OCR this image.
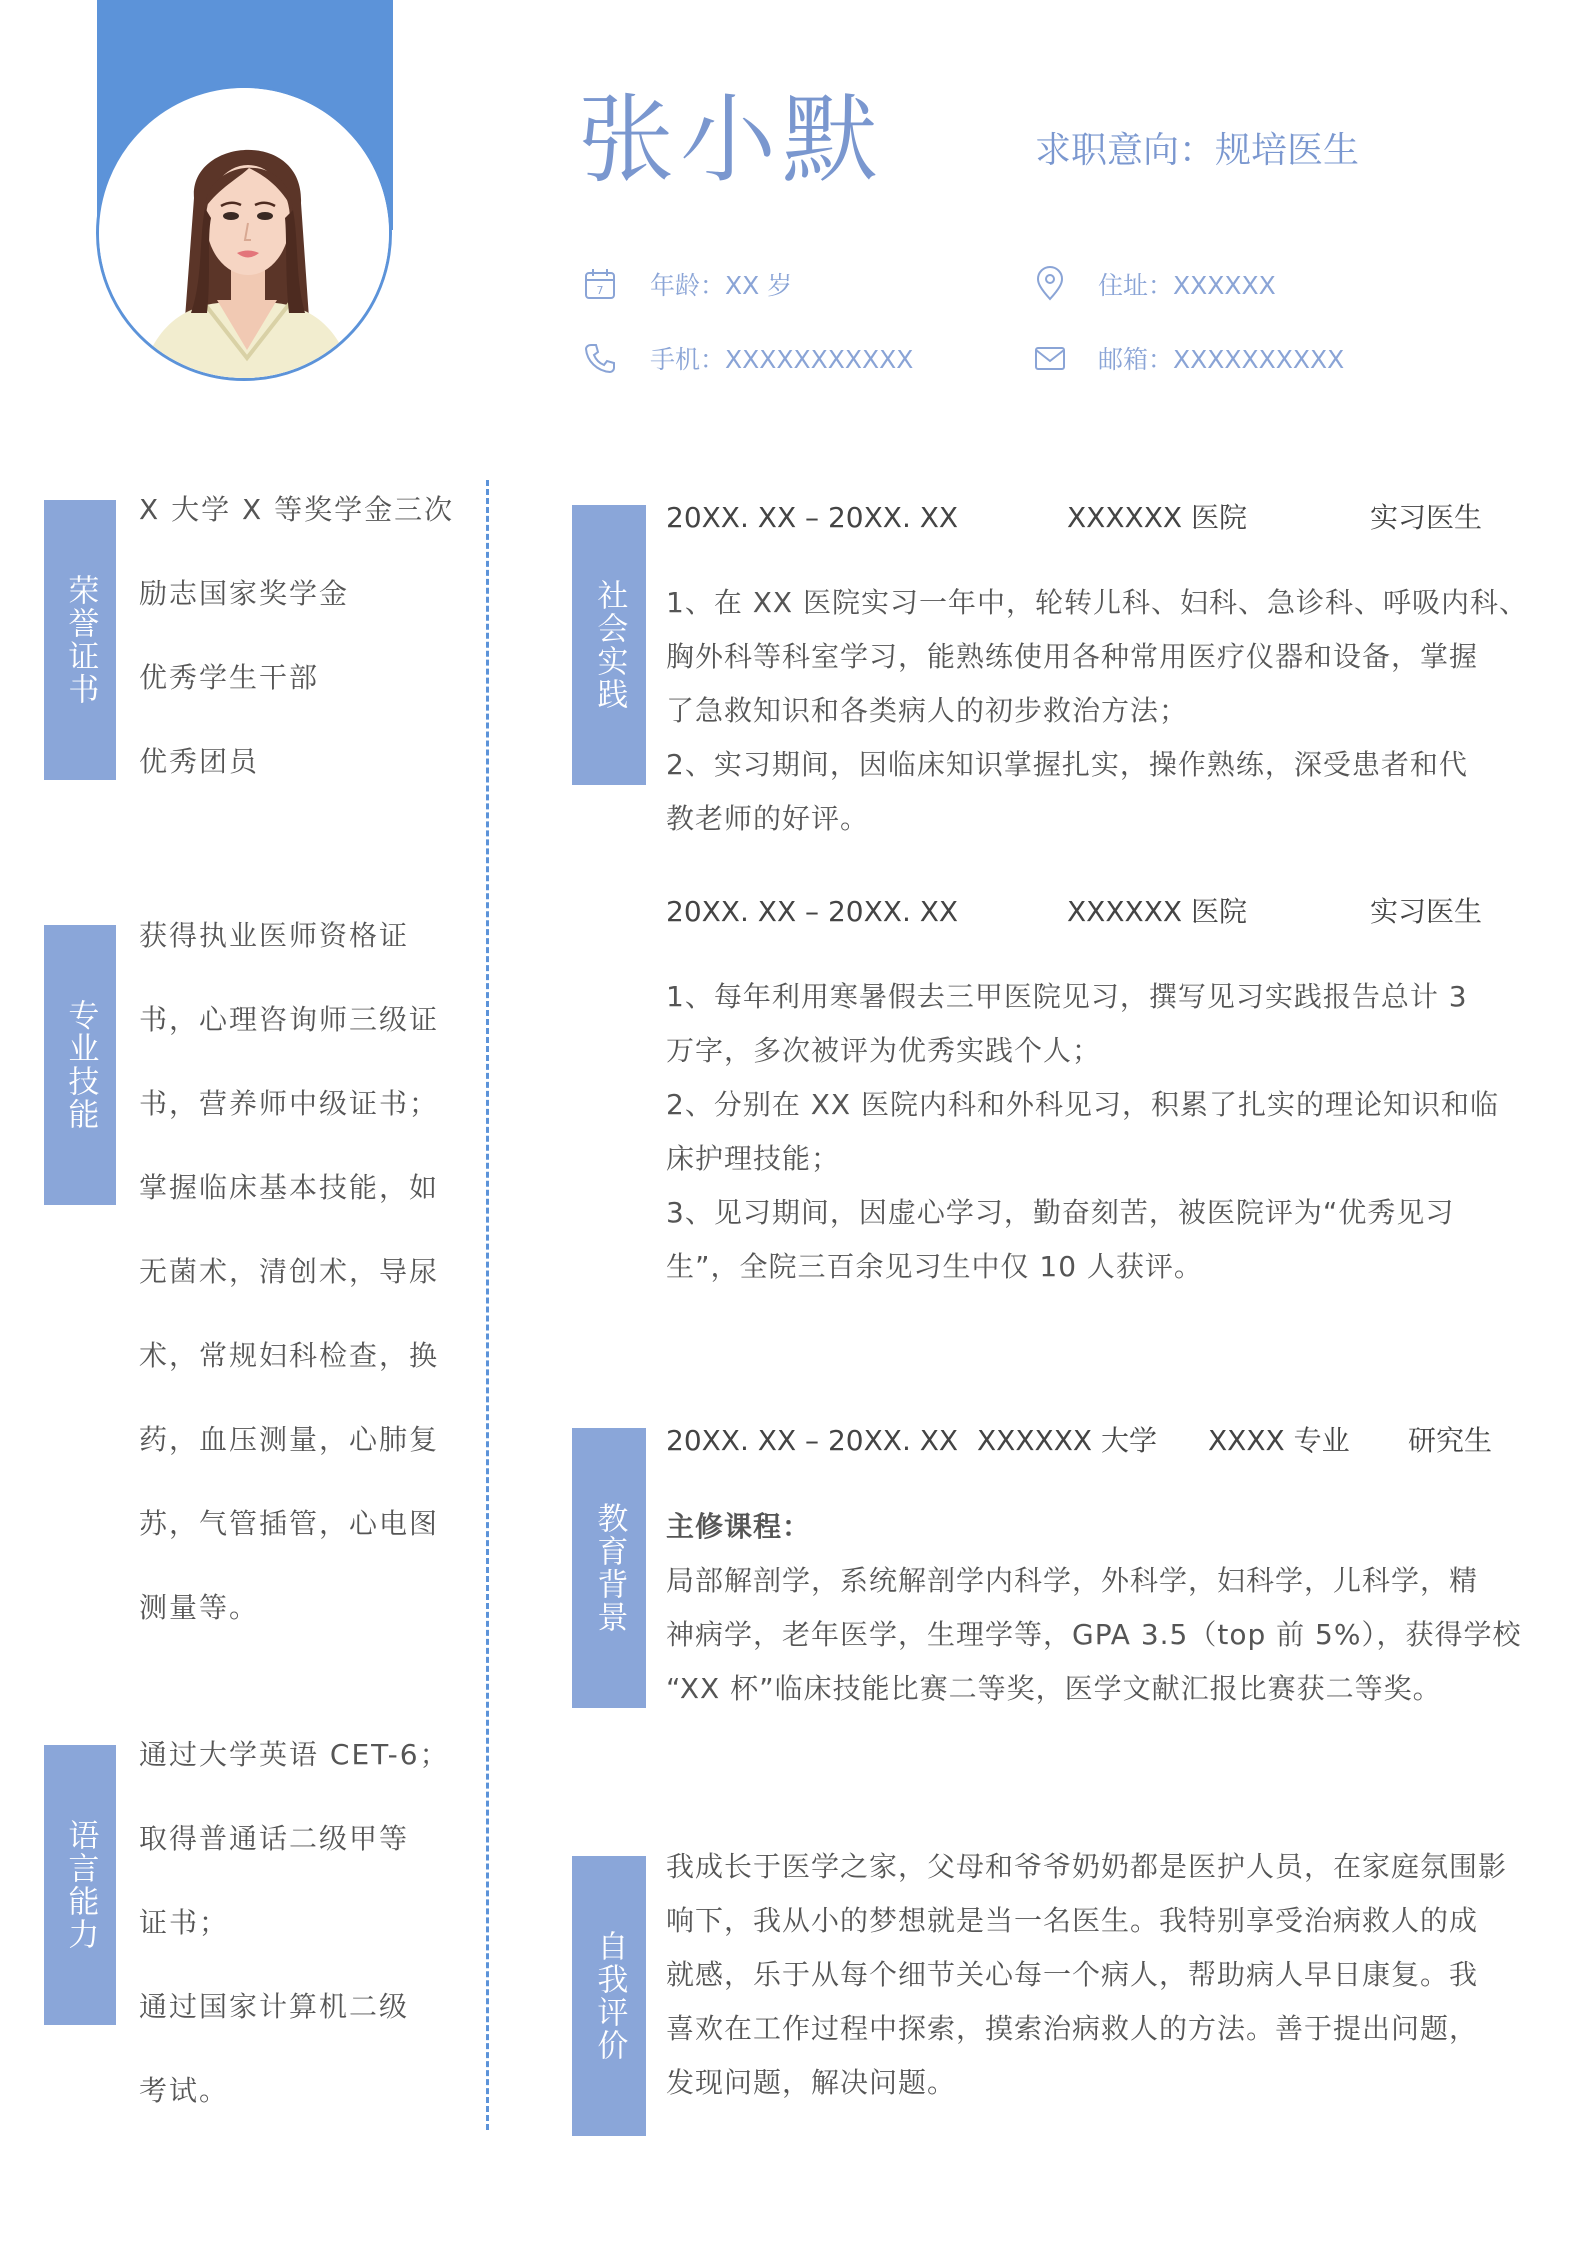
张小默	求职意向：规培医生
7 年龄：XX 岁	住址：XXXXXX
手机：XXXXXXXXXXX	邮箱：XXXXXXXXXX
荣誉证书
X 大学 X 等奖学金三次
励志国家奖学金
优秀学生干部
优秀团员
专业技能
获得执业医师资格证
书，心理咨询师三级证
书，营养师中级证书；
掌握临床基本技能，如
无菌术，清创术，导尿
术，常规妇科检查，换
药，血压测量，心肺复
苏，气管插管，心电图
测量等。
语言能力
通过大学英语 CET-6；
取得普通话二级甲等
证书；
通过国家计算机二级
考试。
社会实践
20XX. XX – 20XX. XX	XXXXXX 医院	实习医生
1、在 XX 医院实习一年中，轮转儿科、妇科、急诊科、呼吸内科、
胸外科等科室学习，能熟练使用各种常用医疗仪器和设备，掌握
了急救知识和各类病人的初步救治方法；
2、实习期间，因临床知识掌握扎实，操作熟练，深受患者和代
教老师的好评。
20XX. XX – 20XX. XX	XXXXXX 医院	实习医生
1、每年利用寒暑假去三甲医院见习，撰写见习实践报告总计 3
万字，多次被评为优秀实践个人；
2、分别在 XX 医院内科和外科见习，积累了扎实的理论知识和临
床护理技能；
3、见习期间，因虚心学习，勤奋刻苦，被医院评为“优秀见习
生”，全院三百余见习生中仅 10 人获评。
教育背景
20XX. XX – 20XX. XX XXXXXX 大学 XXXX 专业 研究生
主修课程：
局部解剖学，系统解剖学内科学，外科学，妇科学，儿科学，精
神病学，老年医学，生理学等，GPA 3.5（top 前 5%），获得学校
“XX 杯”临床技能比赛二等奖，医学文献汇报比赛获二等奖。
自我评价
我成长于医学之家，父母和爷爷奶奶都是医护人员，在家庭氛围影
响下，我从小的梦想就是当一名医生。我特别享受治病救人的成
就感，乐于从每个细节关心每一个病人，帮助病人早日康复。我
喜欢在工作过程中探索，摸索治病救人的方法。善于提出问题，
发现问题，解决问题。
